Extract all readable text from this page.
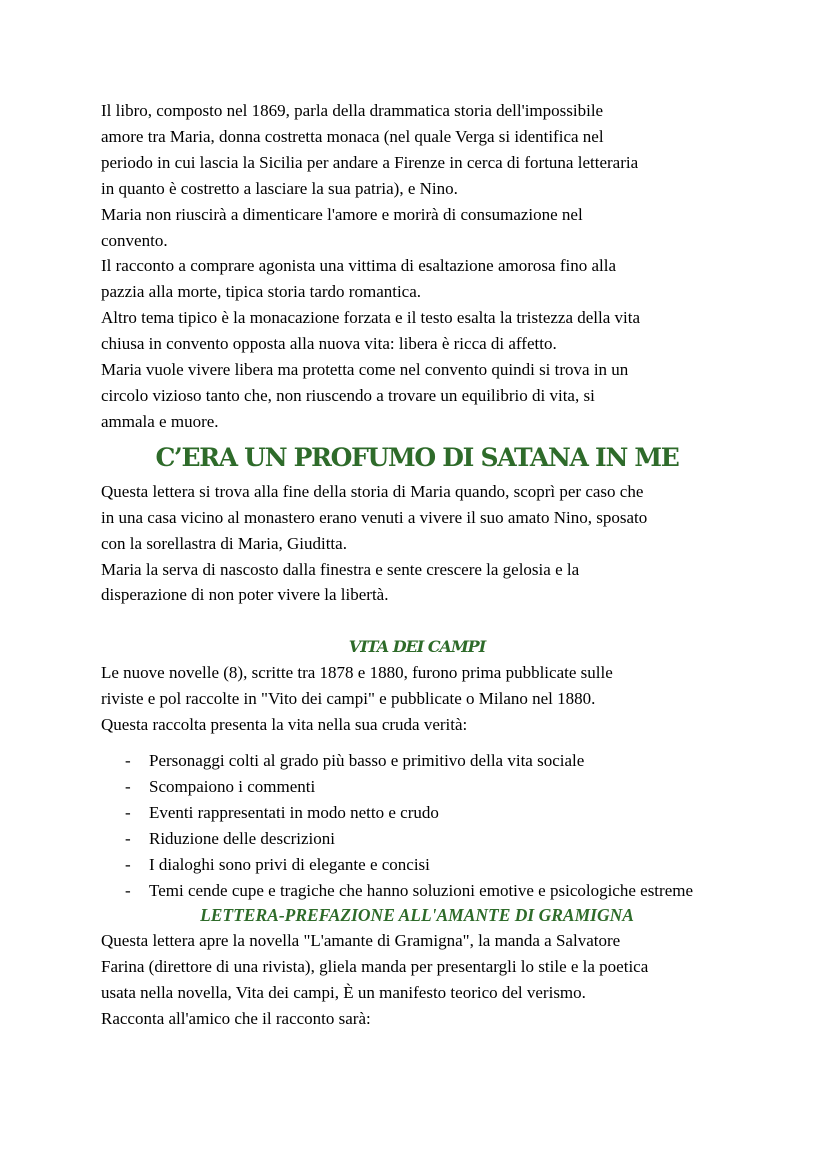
Il libro, composto nel 1869, parla della drammatica storia dell'impossibile
amore tra Maria, donna costretta monaca (nel quale Verga si identifica nel
periodo in cui lascia la Sicilia per andare a Firenze in cerca di fortuna letteraria
in quanto è costretto a lasciare la sua patria), e Nino.
Maria non riuscirà a dimenticare l'amore e morirà di consumazione nel
convento.
Il racconto a comprare agonista una vittima di esaltazione amorosa fino alla
pazzia alla morte, tipica storia tardo romantica.
Altro tema tipico è la monacazione forzata e il testo esalta la tristezza della vita
chiusa in convento opposta alla nuova vita: libera è ricca di affetto.
Maria vuole vivere libera ma protetta come nel convento quindi si trova in un
circolo vizioso tanto che, non riuscendo a trovare un equilibrio di vita, si
ammala e muore.

C’ERA UN PROFUMO DI SATANA IN ME

Questa lettera si trova alla fine della storia di Maria quando, scoprì per caso che
in una casa vicino al monastero erano venuti a vivere il suo amato Nino, sposato
con la sorellastra di Maria, Giuditta.
Maria la serva di nascosto dalla finestra e sente crescere la gelosia e la
disperazione di non poter vivere la libertà.

VITA DEI CAMPI

Le nuove novelle (8), scritte tra 1878 e 1880, furono prima pubblicate sulle
riviste e pol raccolte in "Vito dei campi" e pubblicate o Milano nel 1880.
Questa raccolta presenta la vita nella sua cruda verità:

- Personaggi colti al grado più basso e primitivo della vita sociale
- Scompaiono i commenti
- Eventi rappresentati in modo netto e crudo
- Riduzione delle descrizioni
- I dialoghi sono privi di elegante e concisi
- Temi cende cupe e tragiche che hanno soluzioni emotive e psicologiche estreme
LETTERA-PREFAZIONE ALL'AMANTE DI GRAMIGNA

Questa lettera apre la novella "L'amante di Gramigna", la manda a Salvatore
Farina (direttore di una rivista), gliela manda per presentargli lo stile e la poetica
usata nella novella, Vita dei campi, È un manifesto teorico del verismo.
Racconta all'amico che il racconto sarà:
